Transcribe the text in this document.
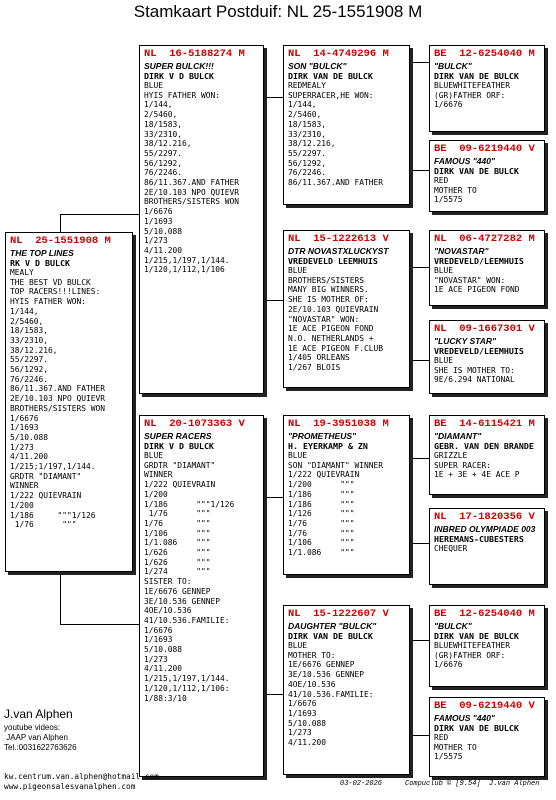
Stamkaart Postduif: NL 25-1551908 M
NL  25-1551908 M
THE TOP LINES
RK V D BULCK
MEALY
THE BEST VD BULCK
TOP RACERS!!!LINES:
HYIS FATHER WON:
1/144,
2/5460,
18/1583,
33/2310,
38/12.216,
55/2297.
56/1292,
76/2246.
86/11.367.AND FATHER
2E/10.103 NPO QUIEVR
BROTHERS/SISTERS WON
1/6676
1/1693
5/10.088
1/273
4/11.200
1/215;1/197,1/144.
GRDTR "DIAMANT"
WINNER
1/222 QUIEVRAIN
1/200
1/186     """1/126
1/76      """
NL  16-5188274 M
SUPER BULCK!!!
DIRK V D BULCK
BLUE
HYIS FATHER WON:
1/144,
2/5460,
18/1583,
33/2310,
38/12.216,
55/2297.
56/1292,
76/2246.
86/11.367.AND FATHER
2E/10.103 NPO QUIEVR
BROTHERS/SISTERS WON
1/6676
1/1693
5/10.088
1/273
4/11.200
1/215,1/197,1/144.
1/120,1/112,1/106
NL  20-1073363 V
SUPER RACERS
DIRK V D BULCK
BLUE
GRDTR "DIAMANT"
WINNER
1/222 QUIEVRAIN
1/200
1/186      """1/126
1/76      """
1/76       """
1/106      """
1/1.086    """
1/626      """
1/626      """
1/274      """
SISTER TO:
1E/6676 GENNEP
3E/10.536 GENNEP
4OE/10.536
41/10.536.FAMILIE:
1/6676
1/1693
5/10.088
1/273
4/11.200
1/215,1/197,1/144.
1/120,1/112,1/106:
1/88:3/10
NL  14-4749296 M
SON "BULCK"
DIRK VAN DE BULCK
REDMEALY
SUPERRACER,HE WON:
1/144,
2/5460,
18/1583,
33/2310,
38/12.216,
55/2297.
56/1292,
76/2246.
86/11.367.AND FATHER
NL  15-1222613 V
DTR NOVASTXLUCKYST
VREDEVELD LEEMHUIS
BLUE
BROTHERS/SISTERS
MANY BIG WINNERS.
SHE IS MOTHER OF:
2E/10.103 QUIEVRAIN
"NOVASTAR" WON:
1E ACE PIGEON FOND
N.O. NETHERLANDS +
1E ACE PIGEON F.CLUB
1/405 ORLEANS
1/267 BLOIS
NL  19-3951038 M
"PROMETHEUS"
H. EYERKAMP & ZN
BLUE
SON "DIAMANT" WINNER
1/222 QUIEVRAIN
1/200      """
1/186      """
1/186      """
1/126      """
1/76       """
1/76       """
1/106      """
1/1.086    """
NL  15-1222607 V
DAUGHTER "BULCK"
DIRK VAN DE BULCK
BLUE
MOTHER TO:
1E/6676 GENNEP
3E/10.536 GENNEP
4OE/10.536
41/10.536.FAMILIE:
1/6676
1/1693
5/10.088
1/273
4/11.200
BE  12-6254040 M
"BULCK"
DIRK VAN DE BULCK
BLUEWHITEFEATHER
(GR)FATHER ORF:
1/6676
BE  09-6219440 V
FAMOUS "440"
DIRK VAN DE BULCK
RED
MOTHER TO
1/5575
NL  06-4727282 M
"NOVASTAR"
VREDEVELD/LEEMHUIS
BLUE
"NOVASTAR" WON:
1E ACE PIGEON FOND
NL  09-1667301 V
"LUCKY STAR"
VREDEVELD/LEEMHUIS
BLUE
SHE IS MOTHER TO:
9E/6.294 NATIONAL
BE  14-6115421 M
"DIAMANT"
GEBR. VAN DEN BRANDE
GRIZZLE
SUPER RACER:
1E + 3E + 4E ACE P
NL  17-1820356 V
INBRED OLYMPIADE 003
HEREMANS-CUBESTERS
CHEQUER
BE  12-6254040 M
"BULCK"
DIRK VAN DE BULCK
BLUEWHITEFEATHER
(GR)FATHER ORF:
1/6676
BE  09-6219440 V
FAMOUS "440"
DIRK VAN DE BULCK
RED
MOTHER TO
1/5575
J.van Alphen
youtube videos:
JAAP van Alphen
Tel.:0031622763626
kw.centrum.van.alphen@hotmail.com
www.pigeonsalesvanalphen.com	03-02-2026	Compuclub © [9.54]  J.van Alphen
